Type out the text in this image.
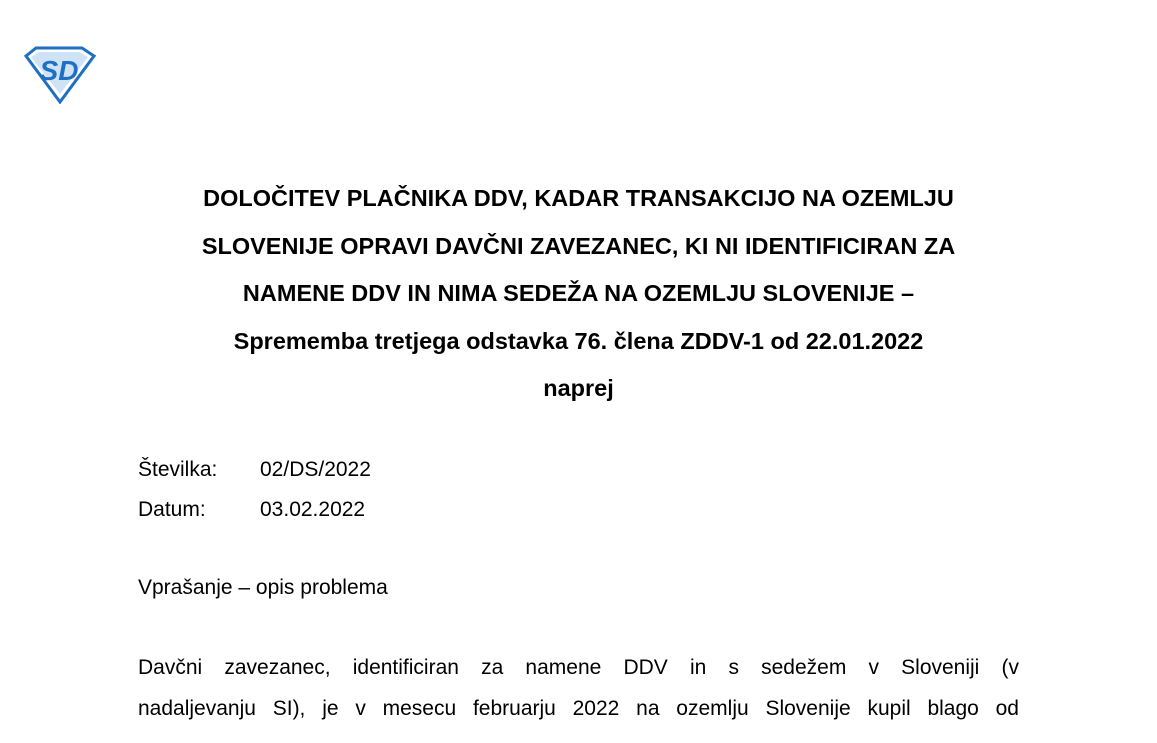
SD
DOLOČITEV PLAČNIKA DDV, KADAR TRANSAKCIJO NA OZEMLJU
SLOVENIJE OPRAVI DAVČNI ZAVEZANEC, KI NI IDENTIFICIRAN ZA
NAMENE DDV IN NIMA SEDEŽA NA OZEMLJU SLOVENIJE –
Sprememba tretjega odstavka 76. člena ZDDV-1 od 22.01.2022
naprej
Številka:	02/DS/2022
Datum:	03.02.2022
Vprašanje – opis problema

Davčni zavezanec, identificiran za namene DDV in s sedežem v Sloveniji (v
nadaljevanju SI), je v mesecu februarju 2022 na ozemlju Slovenije kupil blago od
